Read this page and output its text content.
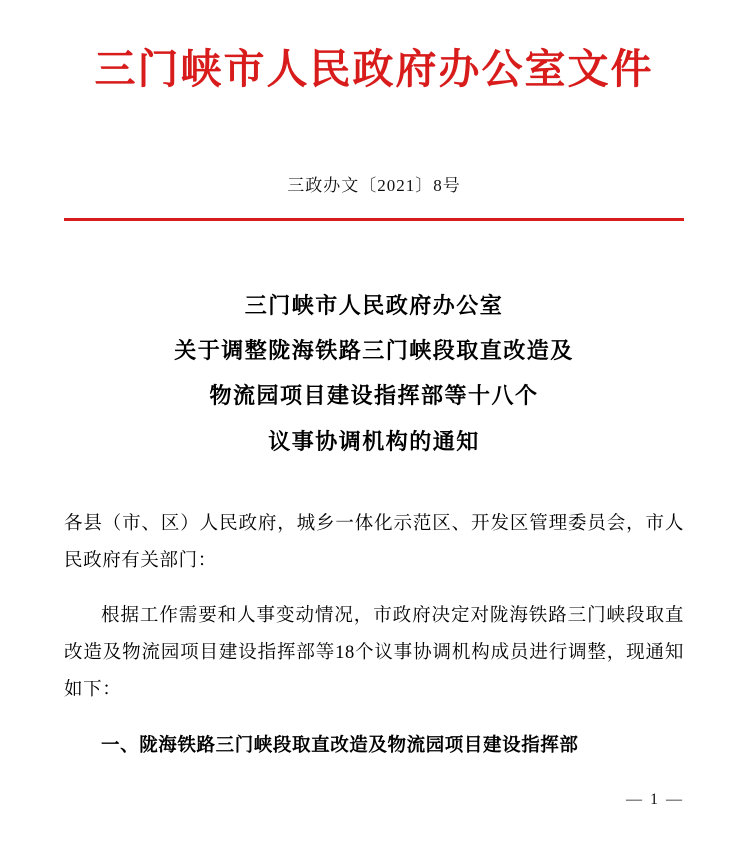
三门峡市人民政府办公室文件
三政办文〔2021〕8号
三门峡市人民政府办公室
关于调整陇海铁路三门峡段取直改造及
物流园项目建设指挥部等十八个
议事协调机构的通知

各县（市、区）人民政府，城乡一体化示范区、开发区管理委员会，市人民政府有关部门：

根据工作需要和人事变动情况，市政府决定对陇海铁路三门峡段取直改造及物流园项目建设指挥部等18个议事协调机构成员进行调整，现通知如下：

一、陇海铁路三门峡段取直改造及物流园项目建设指挥部

— 1 —
